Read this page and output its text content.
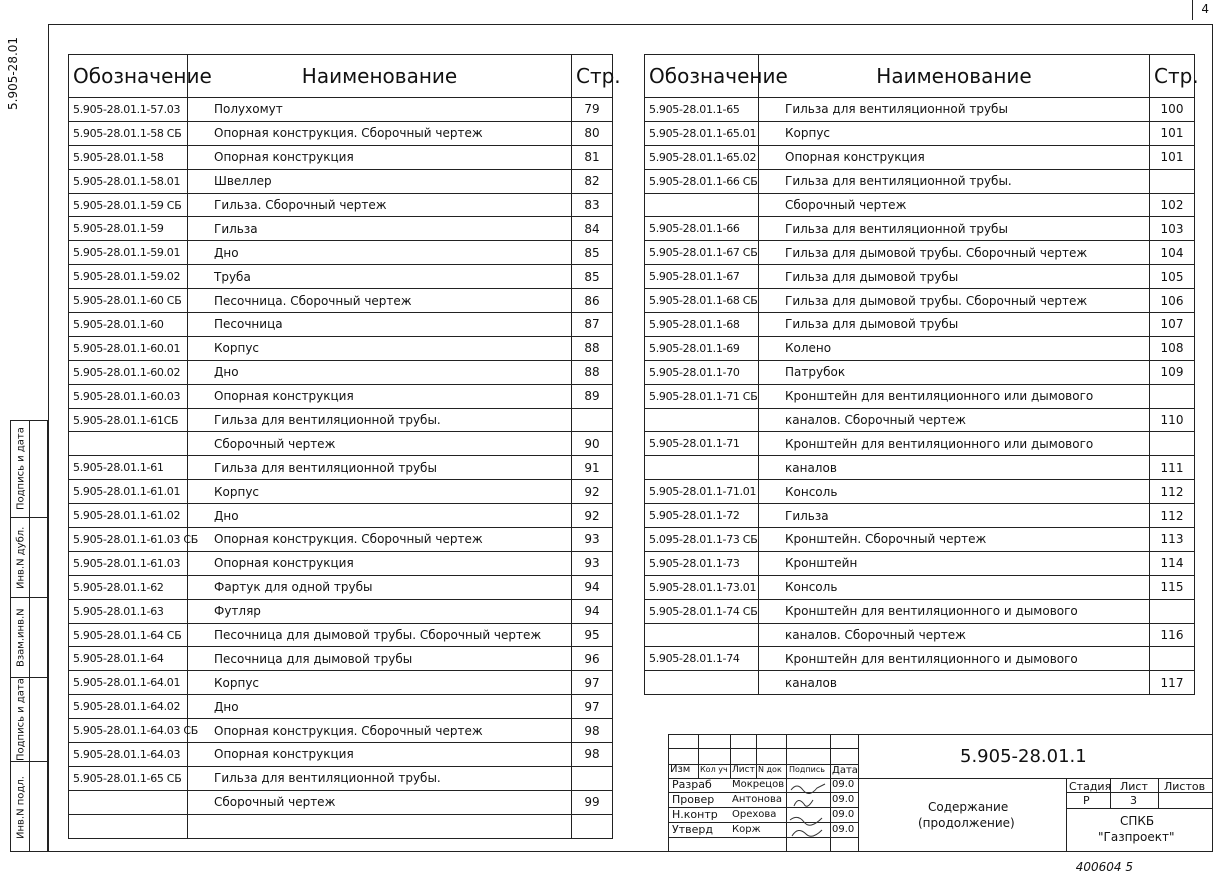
4
5.905-28.01
Инв.N подл.
Подпись и дата
Взам.инв.N
Инв.N дубл.
Подпись и дата
Обозначение	Наименование	Стр.
5.905-28.01.1-57.03	Полухомут	79
5.905-28.01.1-58 СБ	Опорная конструкция. Сборочный чертеж	80
5.905-28.01.1-58	Опорная конструкция	81
5.905-28.01.1-58.01	Швеллер	82
5.905-28.01.1-59 СБ	Гильза. Сборочный чертеж	83
5.905-28.01.1-59	Гильза	84
5.905-28.01.1-59.01	Дно	85
5.905-28.01.1-59.02	Труба	85
5.905-28.01.1-60 СБ	Песочница. Сборочный чертеж	86
5.905-28.01.1-60	Песочница	87
5.905-28.01.1-60.01	Корпус	88
5.905-28.01.1-60.02	Дно	88
5.905-28.01.1-60.03	Опорная конструкция	89
5.905-28.01.1-61СБ	Гильза для вентиляционной трубы.	
	Сборочный чертеж	90
5.905-28.01.1-61	Гильза для вентиляционной трубы	91
5.905-28.01.1-61.01	Корпус	92
5.905-28.01.1-61.02	Дно	92
5.905-28.01.1-61.03 СБ	Опорная конструкция. Сборочный чертеж	93
5.905-28.01.1-61.03	Опорная конструкция	93
5.905-28.01.1-62	Фартук для одной трубы	94
5.905-28.01.1-63	Футляр	94
5.905-28.01.1-64 СБ	Песочница для дымовой трубы. Сборочный чертеж	95
5.905-28.01.1-64	Песочница для дымовой трубы	96
5.905-28.01.1-64.01	Корпус	97
5.905-28.01.1-64.02	Дно	97
5.905-28.01.1-64.03 СБ	Опорная конструкция. Сборочный чертеж	98
5.905-28.01.1-64.03	Опорная конструкция	98
5.905-28.01.1-65 СБ	Гильза для вентиляционной трубы.	
	Сборочный чертеж	99

Обозначение	Наименование	Стр.
5.905-28.01.1-65	Гильза для вентиляционной трубы	100
5.905-28.01.1-65.01	Корпус	101
5.905-28.01.1-65.02	Опорная конструкция	101
5.905-28.01.1-66 СБ	Гильза для вентиляционной трубы.	
	Сборочный чертеж	102
5.905-28.01.1-66	Гильза для вентиляционной трубы	103
5.905-28.01.1-67 СБ	Гильза для дымовой трубы. Сборочный чертеж	104
5.905-28.01.1-67	Гильза для дымовой трубы	105
5.905-28.01.1-68 СБ	Гильза для дымовой трубы. Сборочный чертеж	106
5.905-28.01.1-68	Гильза для дымовой трубы	107
5.905-28.01.1-69	Колено	108
5.905-28.01.1-70	Патрубок	109
5.905-28.01.1-71 СБ	Кронштейн для вентиляционного или дымового	
	каналов. Сборочный чертеж	110
5.905-28.01.1-71	Кронштейн для вентиляционного или дымового	
	каналов	111
5.905-28.01.1-71.01	Консоль	112
5.905-28.01.1-72	Гильза	112
5.095-28.01.1-73 СБ	Кронштейн. Сборочный чертеж	113
5.905-28.01.1-73	Кронштейн	114
5.905-28.01.1-73.01	Консоль	115
5.905-28.01.1-74 СБ	Кронштейн для вентиляционного и дымового	
	каналов. Сборочный чертеж	116
5.905-28.01.1-74	Кронштейн для вентиляционного и дымового	
	каналов	117
5.905-28.01.1
Изм Кол уч Лист N док Подпись Дата
Разраб Мокрецов	09.0
Провер Антонова	09.0
Н.контр Орехова	09.0
Утверд Корж	09.0
Содержание
(продолжение)
Стадия Лист Листов
Р	3
СПКБ
"Газпроект"
400604 5
